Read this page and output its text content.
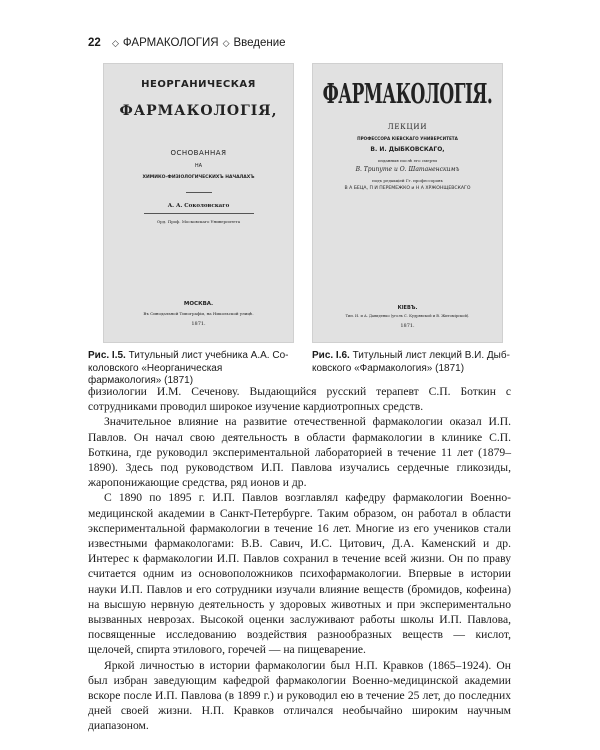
22 ◇ ФАРМАКОЛОГИЯ ◇ Введение
НЕОРГАНИЧЕСКАЯ
ФАРМАКОЛОГІЯ,
ОСНОВАННАЯ
НА
ХИМИКО-ФИЗІОЛОГИЧЕСКИХЪ НАЧАЛАХЪ
А. А. Соколовскаго
Орд. Проф. Московскаго Университета
МОСКВА.
Въ Синодальной Типографіи, на Никольской улицѣ.
1871.
Рис. I.5. Титульный лист учебника А.А. Со-коловского «Неорганическая фармакология» (1871)
ФАРМАКОЛОГІЯ.
ЛЕКЦИИ
ПРОФЕССОРА КІЕВСКАГО УНИВЕРСИТЕТА
В. И. ДЫБКОВСКАГО,
изданныя послѣ его смерти
В. Трипуте и О. Шатаненскимъ
подъ редакціей Гг. профессоровъ
В А БЕЦА, П И ПЕРЕМЕЖКО и Н А ХРЖОНЩЕВСКАГО
КІЕВЪ.
Тип. И. и А. Давиденко (уголъ С. Кудрявской и В. Житомірской).
1871.
Рис. I.6. Титульный лист лекций В.И. Дыб-ковского «Фармакология» (1871)

физиологии И.М. Сеченову. Выдающийся русский терапевт С.П. Боткин с сотрудниками проводил широкое изучение кардиотропных средств.

Значительное влияние на развитие отечественной фармакологии оказал И.П. Павлов. Он начал свою деятельность в области фармакологии в клинике С.П. Боткина, где руководил экспериментальной лабораторией в течение 11 лет (1879–1890). Здесь под руководством И.П. Павлова изучались сердечные гликозиды, жаропонижающие средства, ряд ионов и др.

С 1890 по 1895 г. И.П. Павлов возглавлял кафедру фармакологии Военно-медицинской академии в Санкт-Петербурге. Таким образом, он работал в области экспериментальной фармакологии в течение 16 лет. Многие из его учеников стали известными фармакологами: В.В. Савич, И.С. Цитович, Д.А. Каменский и др. Интерес к фармакологии И.П. Павлов сохранил в течение всей жизни. Он по праву считается одним из основоположников психофармакологии. Впервые в истории науки И.П. Павлов и его сотрудники изучали влияние веществ (бромидов, кофеина) на высшую нервную деятельность у здоровых животных и при экспериментально вызванных неврозах. Высокой оценки заслуживают работы школы И.П. Павлова, посвященные исследованию воздействия разнообразных веществ — кислот, щелочей, спирта этилового, горечей — на пищеварение.

Яркой личностью в истории фармакологии был Н.П. Кравков (1865–1924). Он был избран заведующим кафедрой фармакологии Военно-медицинской академии вскоре после И.П. Павлова (в 1899 г.) и руководил ею в течение 25 лет, до последних дней своей жизни. Н.П. Кравков отличался необычайно широким научным диапазоном.
